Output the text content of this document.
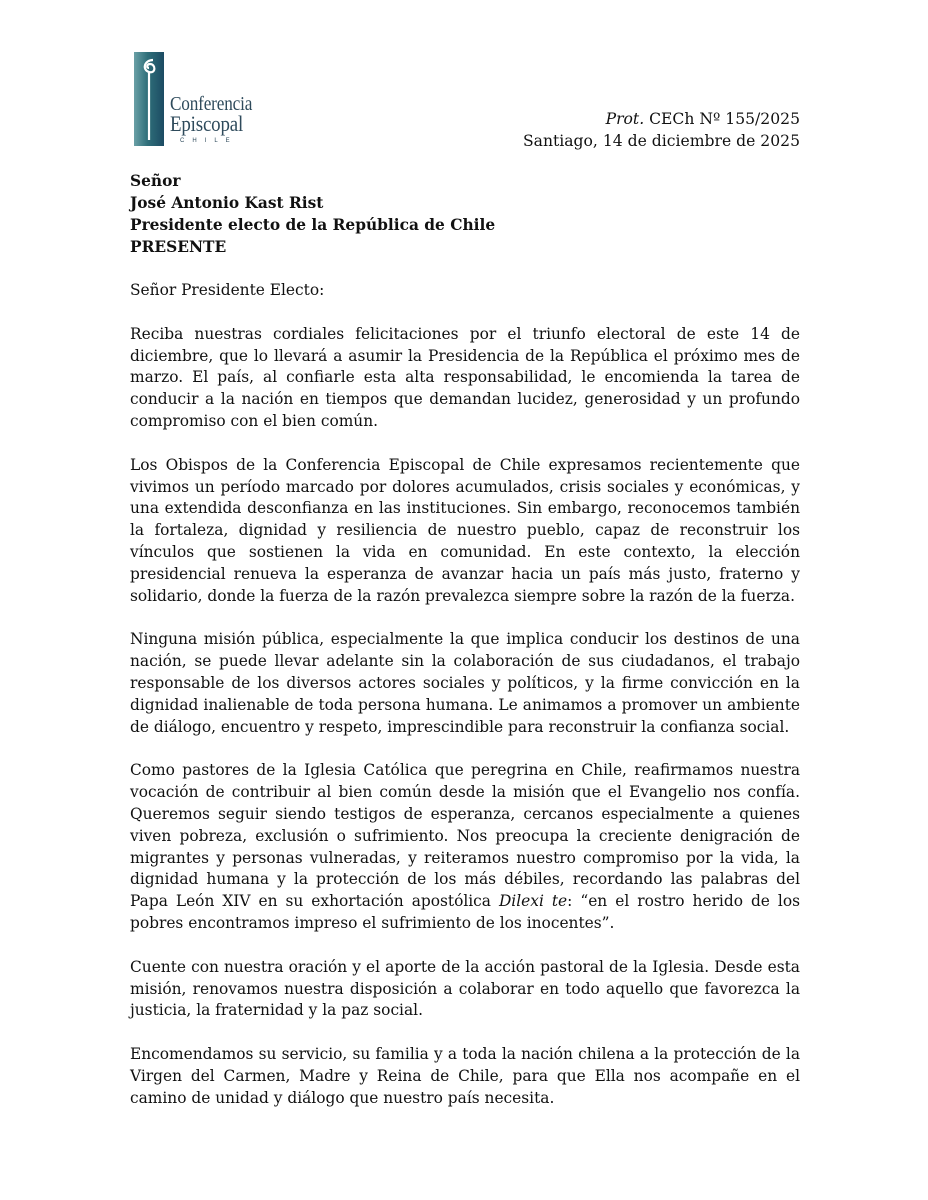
Conferencia
Episcopal
CHILE
Prot. CECh Nº 155/2025
Santiago, 14 de diciembre de 2025
Señor
José Antonio Kast Rist
Presidente electo de la República de Chile
PRESENTE

Señor Presidente Electo:

Reciba nuestras cordiales felicitaciones por el triunfo electoral de este 14 de diciembre, que lo llevará a asumir la Presidencia de la República el próximo mes de marzo. El país, al confiarle esta alta responsabilidad, le encomienda la tarea de conducir a la nación en tiempos que demandan lucidez, generosidad y un profundo compromiso con el bien común.

Los Obispos de la Conferencia Episcopal de Chile expresamos recientemente que vivimos un período marcado por dolores acumulados, crisis sociales y económicas, y una extendida desconfianza en las instituciones. Sin embargo, reconocemos también la fortaleza, dignidad y resiliencia de nuestro pueblo, capaz de reconstruir los vínculos que sostienen la vida en comunidad. En este contexto, la elección presidencial renueva la esperanza de avanzar hacia un país más justo, fraterno y solidario, donde la fuerza de la razón prevalezca siempre sobre la razón de la fuerza.

Ninguna misión pública, especialmente la que implica conducir los destinos de una nación, se puede llevar adelante sin la colaboración de sus ciudadanos, el trabajo responsable de los diversos actores sociales y políticos, y la firme convicción en la dignidad inalienable de toda persona humana. Le animamos a promover un ambiente de diálogo, encuentro y respeto, imprescindible para reconstruir la confianza social.

Como pastores de la Iglesia Católica que peregrina en Chile, reafirmamos nuestra vocación de contribuir al bien común desde la misión que el Evangelio nos confía. Queremos seguir siendo testigos de esperanza, cercanos especialmente a quienes viven pobreza, exclusión o sufrimiento. Nos preocupa la creciente denigración de migrantes y personas vulneradas, y reiteramos nuestro compromiso por la vida, la dignidad humana y la protección de los más débiles, recordando las palabras del Papa León XIV en su exhortación apostólica Dilexi te: “en el rostro herido de los pobres encontramos impreso el sufrimiento de los inocentes”.

Cuente con nuestra oración y el aporte de la acción pastoral de la Iglesia. Desde esta misión, renovamos nuestra disposición a colaborar en todo aquello que favorezca la justicia, la fraternidad y la paz social.

Encomendamos su servicio, su familia y a toda la nación chilena a la protección de la Virgen del Carmen, Madre y Reina de Chile, para que Ella nos acompañe en el camino de unidad y diálogo que nuestro país necesita.
